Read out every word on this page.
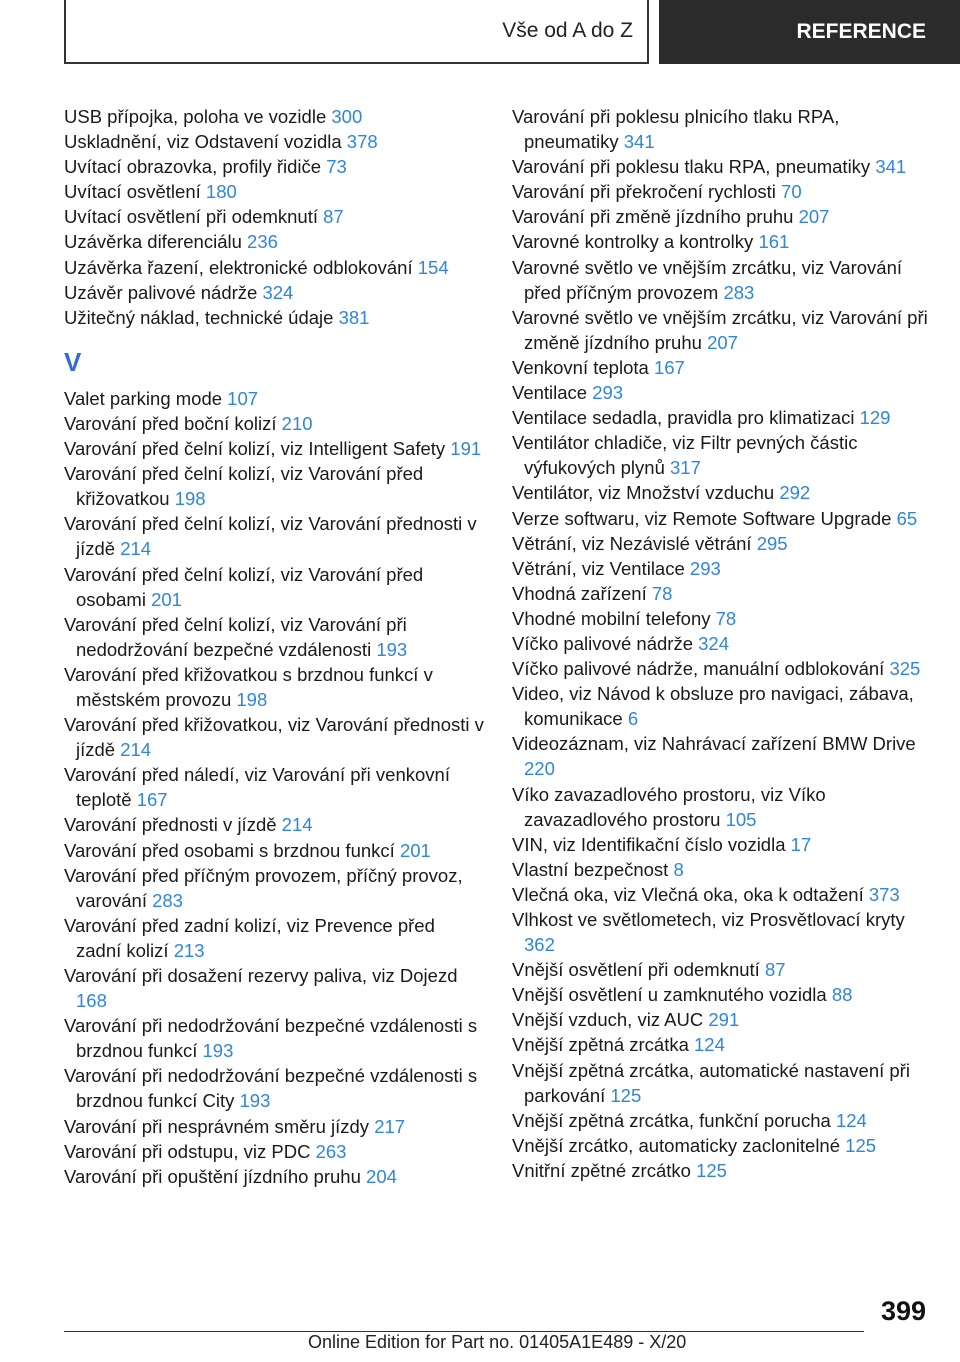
Vše od A do Z	REFERENCE
USB přípojka, poloha ve vozidle 300
Uskladnění, viz Odstavení vozidla 378
Uvítací obrazovka, profily řidiče 73
Uvítací osvětlení 180
Uvítací osvětlení při odemknutí 87
Uzávěrka diferenciálu 236
Uzávěrka řazení, elektronické odblokování 154
Uzávěr palivové nádrže 324
Užitečný náklad, technické údaje 381
V
Valet parking mode 107
Varování před boční kolizí 210
Varování před čelní kolizí, viz Intelligent Safety 191
Varování před čelní kolizí, viz Varování před křižovatkou 198
Varování před čelní kolizí, viz Varování přednosti v jízdě 214
Varování před čelní kolizí, viz Varování před osobami 201
Varování před čelní kolizí, viz Varování při nedodržování bezpečné vzdálenosti 193
Varování před křižovatkou s brzdnou funkcí v městském provozu 198
Varování před křižovatkou, viz Varování přednosti v jízdě 214
Varování před náledí, viz Varování při venkovní teplotě 167
Varování přednosti v jízdě 214
Varování před osobami s brzdnou funkcí 201
Varování před příčným provozem, příčný provoz, varování 283
Varování před zadní kolizí, viz Prevence před zadní kolizí 213
Varování při dosažení rezervy paliva, viz Dojezd 168
Varování při nedodržování bezpečné vzdálenosti s brzdnou funkcí 193
Varování při nedodržování bezpečné vzdálenosti s brzdnou funkcí City 193
Varování při nesprávném směru jízdy 217
Varování při odstupu, viz PDC 263
Varování při opuštění jízdního pruhu 204
Varování při poklesu plnicího tlaku RPA, pneumatiky 341
Varování při poklesu tlaku RPA, pneumatiky 341
Varování při překročení rychlosti 70
Varování při změně jízdního pruhu 207
Varovné kontrolky a kontrolky 161
Varovné světlo ve vnějším zrcátku, viz Varování před příčným provozem 283
Varovné světlo ve vnějším zrcátku, viz Varování při změně jízdního pruhu 207
Venkovní teplota 167
Ventilace 293
Ventilace sedadla, pravidla pro klimatizaci 129
Ventilátor chladiče, viz Filtr pevných částic výfukových plynů 317
Ventilátor, viz Množství vzduchu 292
Verze softwaru, viz Remote Software Upgrade 65
Větrání, viz Nezávislé větrání 295
Větrání, viz Ventilace 293
Vhodná zařízení 78
Vhodné mobilní telefony 78
Víčko palivové nádrže 324
Víčko palivové nádrže, manuální odblokování 325
Video, viz Návod k obsluze pro navigaci, zábava, komunikace 6
Videozáznam, viz Nahrávací zařízení BMW Drive 220
Víko zavazadlového prostoru, viz Víko zavazadlového prostoru 105
VIN, viz Identifikační číslo vozidla 17
Vlastní bezpečnost 8
Vlečná oka, viz Vlečná oka, oka k odtažení 373
Vlhkost ve světlometech, viz Prosvětlovací kryty 362
Vnější osvětlení při odemknutí 87
Vnější osvětlení u zamknutého vozidla 88
Vnější vzduch, viz AUC 291
Vnější zpětná zrcátka 124
Vnější zpětná zrcátka, automatické nastavení při parkování 125
Vnější zpětná zrcátka, funkční porucha 124
Vnější zrcátko, automaticky zaclonitelné 125
Vnitřní zpětné zrcátko 125
399
Online Edition for Part no. 01405A1E489 - X/20
